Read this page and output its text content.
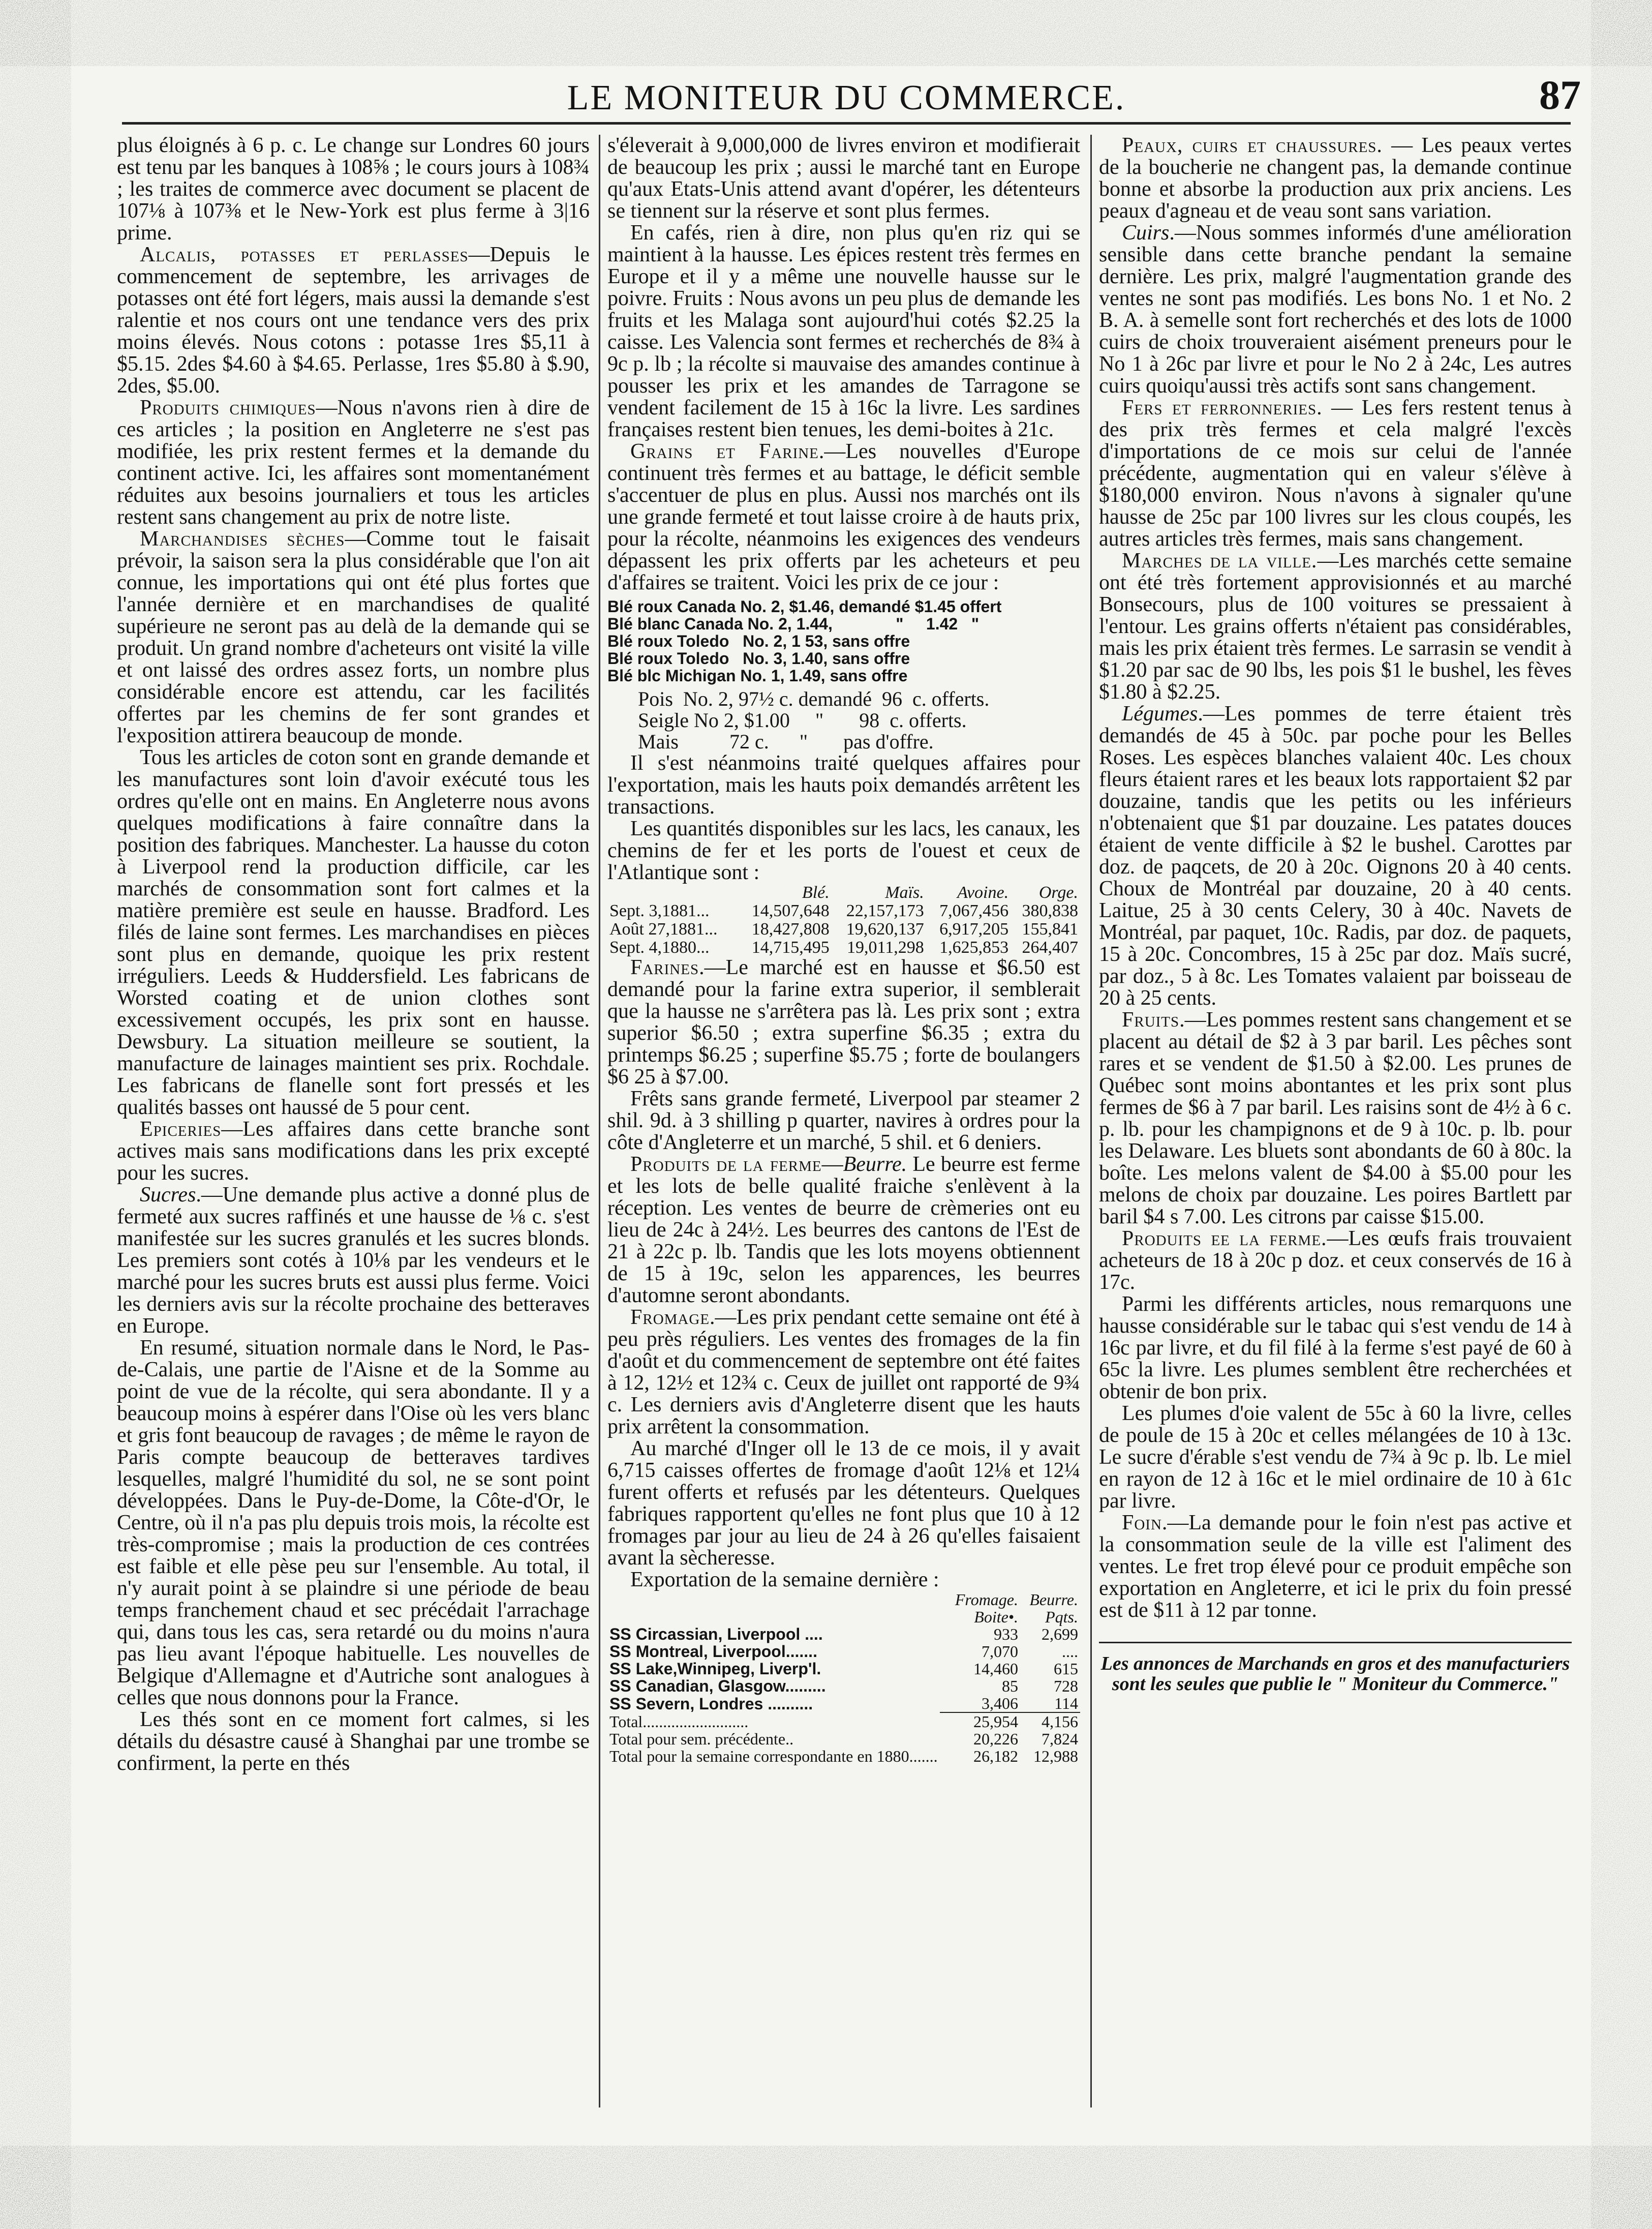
LE MONITEUR DU COMMERCE.	87

plus éloignés à 6 p. c. Le change sur Londres 60 jours est tenu par les banques à 108⅝ ; le cours jours à 108¾ ; les traites de commerce avec document se placent de 107⅛ à 107⅜ et le New-York est plus ferme à 3|16 prime.

Alcalis, potasses et perlasses—Depuis le commencement de septembre, les arrivages de potasses ont été fort légers, mais aussi la demande s'est ralentie et nos cours ont une tendance vers des prix moins élevés. Nous cotons : potasse 1res $5,11 à $5.15. 2des $4.60 à $4.65. Perlasse, 1res $5.80 à $.90, 2des, $5.00.

Produits chimiques—Nous n'avons rien à dire de ces articles ; la position en Angleterre ne s'est pas modifiée, les prix restent fermes et la demande du continent active. Ici, les affaires sont momentanément réduites aux besoins journaliers et tous les articles restent sans changement au prix de notre liste.

Marchandises sèches—Comme tout le faisait prévoir, la saison sera la plus considérable que l'on ait connue, les importations qui ont été plus fortes que l'année dernière et en marchandises de qualité supérieure ne seront pas au delà de la demande qui se produit. Un grand nombre d'acheteurs ont visité la ville et ont laissé des ordres assez forts, un nombre plus considérable encore est attendu, car les facilités offertes par les chemins de fer sont grandes et l'exposition attirera beaucoup de monde.

Tous les articles de coton sont en grande demande et les manufactures sont loin d'avoir exécuté tous les ordres qu'elle ont en mains. En Angleterre nous avons quelques modifications à faire connaître dans la position des fabriques. Manchester. La hausse du coton à Liverpool rend la production difficile, car les marchés de consommation sont fort calmes et la matière première est seule en hausse. Bradford. Les filés de laine sont fermes. Les marchandises en pièces sont plus en demande, quoique les prix restent irréguliers. Leeds & Huddersfield. Les fabricans de Worsted coating et de union clothes sont excessivement occupés, les prix sont en hausse. Dewsbury. La situation meilleure se soutient, la manufacture de lainages maintient ses prix. Rochdale. Les fabricans de flanelle sont fort pressés et les qualités basses ont haussé de 5 pour cent.

Epiceries—Les affaires dans cette branche sont actives mais sans modifications dans les prix excepté pour les sucres.

Sucres.—Une demande plus active a donné plus de fermeté aux sucres raffinés et une hausse de ⅛ c. s'est manifestée sur les sucres granulés et les sucres blonds. Les premiers sont cotés à 10⅛ par les vendeurs et le marché pour les sucres bruts est aussi plus ferme. Voici les derniers avis sur la récolte prochaine des betteraves en Europe.

En resumé, situation normale dans le Nord, le Pas-de-Calais, une partie de l'Aisne et de la Somme au point de vue de la récolte, qui sera abondante. Il y a beaucoup moins à espérer dans l'Oise où les vers blanc et gris font beaucoup de ravages ; de même le rayon de Paris compte beaucoup de betteraves tardives lesquelles, malgré l'humidité du sol, ne se sont point développées. Dans le Puy-de-Dome, la Côte-d'Or, le Centre, où il n'a pas plu depuis trois mois, la récolte est très-compromise ; mais la production de ces contrées est faible et elle pèse peu sur l'ensemble. Au total, il n'y aurait point à se plaindre si une période de beau temps franchement chaud et sec précédait l'arrachage qui, dans tous les cas, sera retardé ou du moins n'aura pas lieu avant l'époque habituelle. Les nouvelles de Belgique d'Allemagne et d'Autriche sont analogues à celles que nous donnons pour la France.

Les thés sont en ce moment fort calmes, si les détails du désastre causé à Shanghai par une trombe se confirment, la perte en thés

s'éleverait à 9,000,000 de livres environ et modifierait de beaucoup les prix ; aussi le marché tant en Europe qu'aux Etats-Unis attend avant d'opérer, les détenteurs se tiennent sur la réserve et sont plus fermes.

En cafés, rien à dire, non plus qu'en riz qui se maintient à la hausse. Les épices restent très fermes en Europe et il y a même une nouvelle hausse sur le poivre. Fruits : Nous avons un peu plus de demande les fruits et les Malaga sont aujourd'hui cotés $2.25 la caisse. Les Valencia sont fermes et recherchés de 8¾ à 9c p. lb ; la récolte si mauvaise des amandes continue à pousser les prix et les amandes de Tarragone se vendent facilement de 15 à 16c la livre. Les sardines françaises restent bien tenues, les demi-boites à 21c.

Grains et Farine.—Les nouvelles d'Europe continuent très fermes et au battage, le déficit semble s'accentuer de plus en plus. Aussi nos marchés ont ils une grande fermeté et tout laisse croire à de hauts prix, pour la récolte, néanmoins les exigences des vendeurs dépassent les prix offerts par les acheteurs et peu d'affaires se traitent. Voici les prix de ce jour :

Blé roux Canada No. 2, $1.46, demandé $1.45 offert
Blé blanc Canada No. 2, 1.44,              "     1.42   "
Blé roux Toledo   No. 2, 1 53, sans offre
Blé roux Toledo   No. 3, 1.40, sans offre
Blé blc Michigan No. 1, 1.49, sans offre
Pois  No. 2, 97½ c. demandé  96  c. offerts.
Seigle No 2, $1.00     "       98  c. offerts.
Mais          72 c.      "       pas d'offre.

Il s'est néanmoins traité quelques affaires pour l'exportation, mais les hauts poix demandés arrêtent les transactions.

Les quantités disponibles sur les lacs, les canaux, les chemins de fer et les ports de l'ouest et ceux de l'Atlantique sont :

	Blé.	Maïs.	Avoine.	Orge.
Sept. 3,1881...	14,507,648	22,157,173	7,067,456	380,838
Août 27,1881...	18,427,808	19,620,137	6,917,205	155,841
Sept. 4,1880...	14,715,495	19,011,298	1,625,853	264,407

Farines.—Le marché est en hausse et $6.50 est demandé pour la farine extra superior, il semblerait que la hausse ne s'arrêtera pas là. Les prix sont ; extra superior $6.50 ; extra superfine $6.35 ; extra du printemps $6.25 ; superfine $5.75 ; forte de boulangers $6 25 à $7.00.

Frêts sans grande fermeté, Liverpool par steamer 2 shil. 9d. à 3 shilling p quarter, navires à ordres pour la côte d'Angleterre et un marché, 5 shil. et 6 deniers.

Produits de la ferme—Beurre. Le beurre est ferme et les lots de belle qualité fraiche s'enlèvent à la réception. Les ventes de beurre de crèmeries ont eu lieu de 24c à 24½. Les beurres des cantons de l'Est de 21 à 22c p. lb. Tandis que les lots moyens obtiennent de 15 à 19c, selon les apparences, les beurres d'automne seront abondants.

Fromage.—Les prix pendant cette semaine ont été à peu près réguliers. Les ventes des fromages de la fin d'août et du commencement de septembre ont été faites à 12, 12½ et 12¾ c. Ceux de juillet ont rapporté de 9¾ c. Les derniers avis d'Angleterre disent que les hauts prix arrêtent la consommation.

Au marché d'Inger oll le 13 de ce mois, il y avait 6,715 caisses offertes de fromage d'août 12⅛ et 12¼ furent offerts et refusés par les détenteurs. Quelques fabriques rapportent qu'elles ne font plus que 10 à 12 fromages par jour au lieu de 24 à 26 qu'elles faisaient avant la sècheresse.

Exportation de la semaine dernière :

	Fromage. Boite•.	Beurre. Pqts.
SS Circassian, Liverpool ....	933	2,699
SS Montreal, Liverpool.......	7,070	....
SS Lake,Winnipeg, Liverp'l.	14,460	615
SS Canadian, Glasgow.........	85	728
SS Severn, Londres ..........	3,406	114
Total..........................	25,954	4,156
Total pour sem. précédente..	20,226	7,824
Total pour la semaine correspondante en 1880.......	26,182	12,988

Peaux, cuirs et chaussures. — Les peaux vertes de la boucherie ne changent pas, la demande continue bonne et absorbe la production aux prix anciens. Les peaux d'agneau et de veau sont sans variation.

Cuirs.—Nous sommes informés d'une amélioration sensible dans cette branche pendant la semaine dernière. Les prix, malgré l'augmentation grande des ventes ne sont pas modifiés. Les bons No. 1 et No. 2 B. A. à semelle sont fort recherchés et des lots de 1000 cuirs de choix trouveraient aisément preneurs pour le No 1 à 26c par livre et pour le No 2 à 24c, Les autres cuirs quoiqu'aussi très actifs sont sans changement.

Fers et ferronneries. — Les fers restent tenus à des prix très fermes et cela malgré l'excès d'importations de ce mois sur celui de l'année précédente, augmentation qui en valeur s'élève à $180,000 environ. Nous n'avons à signaler qu'une hausse de 25c par 100 livres sur les clous coupés, les autres articles très fermes, mais sans changement.

Marches de la ville.—Les marchés cette semaine ont été très fortement approvisionnés et au marché Bonsecours, plus de 100 voitures se pressaient à l'entour. Les grains offerts n'étaient pas considérables, mais les prix étaient très fermes. Le sarrasin se vendit à $1.20 par sac de 90 lbs, les pois $1 le bushel, les fèves $1.80 à $2.25.

Légumes.—Les pommes de terre étaient très demandés de 45 à 50c. par poche pour les Belles Roses. Les espèces blanches valaient 40c. Les choux fleurs étaient rares et les beaux lots rapportaient $2 par douzaine, tandis que les petits ou les inférieurs n'obtenaient que $1 par douzaine. Les patates douces étaient de vente difficile à $2 le bushel. Carottes par doz. de paqcets, de 20 à 20c. Oignons 20 à 40 cents. Choux de Montréal par douzaine, 20 à 40 cents. Laitue, 25 à 30 cents Celery, 30 à 40c. Navets de Montréal, par paquet, 10c. Radis, par doz. de paquets, 15 à 20c. Concombres, 15 à 25c par doz. Maïs sucré, par doz., 5 à 8c. Les Tomates valaient par boisseau de 20 à 25 cents.

Fruits.—Les pommes restent sans changement et se placent au détail de $2 à 3 par baril. Les pêches sont rares et se vendent de $1.50 à $2.00. Les prunes de Québec sont moins abontantes et les prix sont plus fermes de $6 à 7 par baril. Les raisins sont de 4½ à 6 c. p. lb. pour les champignons et de 9 à 10c. p. lb. pour les Delaware. Les bluets sont abondants de 60 à 80c. la boîte. Les melons valent de $4.00 à $5.00 pour les melons de choix par douzaine. Les poires Bartlett par baril $4 s 7.00. Les citrons par caisse $15.00.

Produits ee la ferme.—Les œufs frais trouvaient acheteurs de 18 à 20c p doz. et ceux conservés de 16 à 17c.

Parmi les différents articles, nous remarquons une hausse considérable sur le tabac qui s'est vendu de 14 à 16c par livre, et du fil filé à la ferme s'est payé de 60 à 65c la livre. Les plumes semblent être recherchées et obtenir de bon prix.

Les plumes d'oie valent de 55c à 60 la livre, celles de poule de 15 à 20c et celles mélangées de 10 à 13c. Le sucre d'érable s'est vendu de 7¾ à 9c p. lb. Le miel en rayon de 12 à 16c et le miel ordinaire de 10 à 61c par livre.

Foin.—La demande pour le foin n'est pas active et la consommation seule de la ville est l'aliment des ventes. Le fret trop élevé pour ce produit empêche son exportation en Angleterre, et ici le prix du foin pressé est de $11 à 12 par tonne.

Les annonces de Marchands en gros et des manufacturiers sont les seules que publie le " Moniteur du Commerce."
